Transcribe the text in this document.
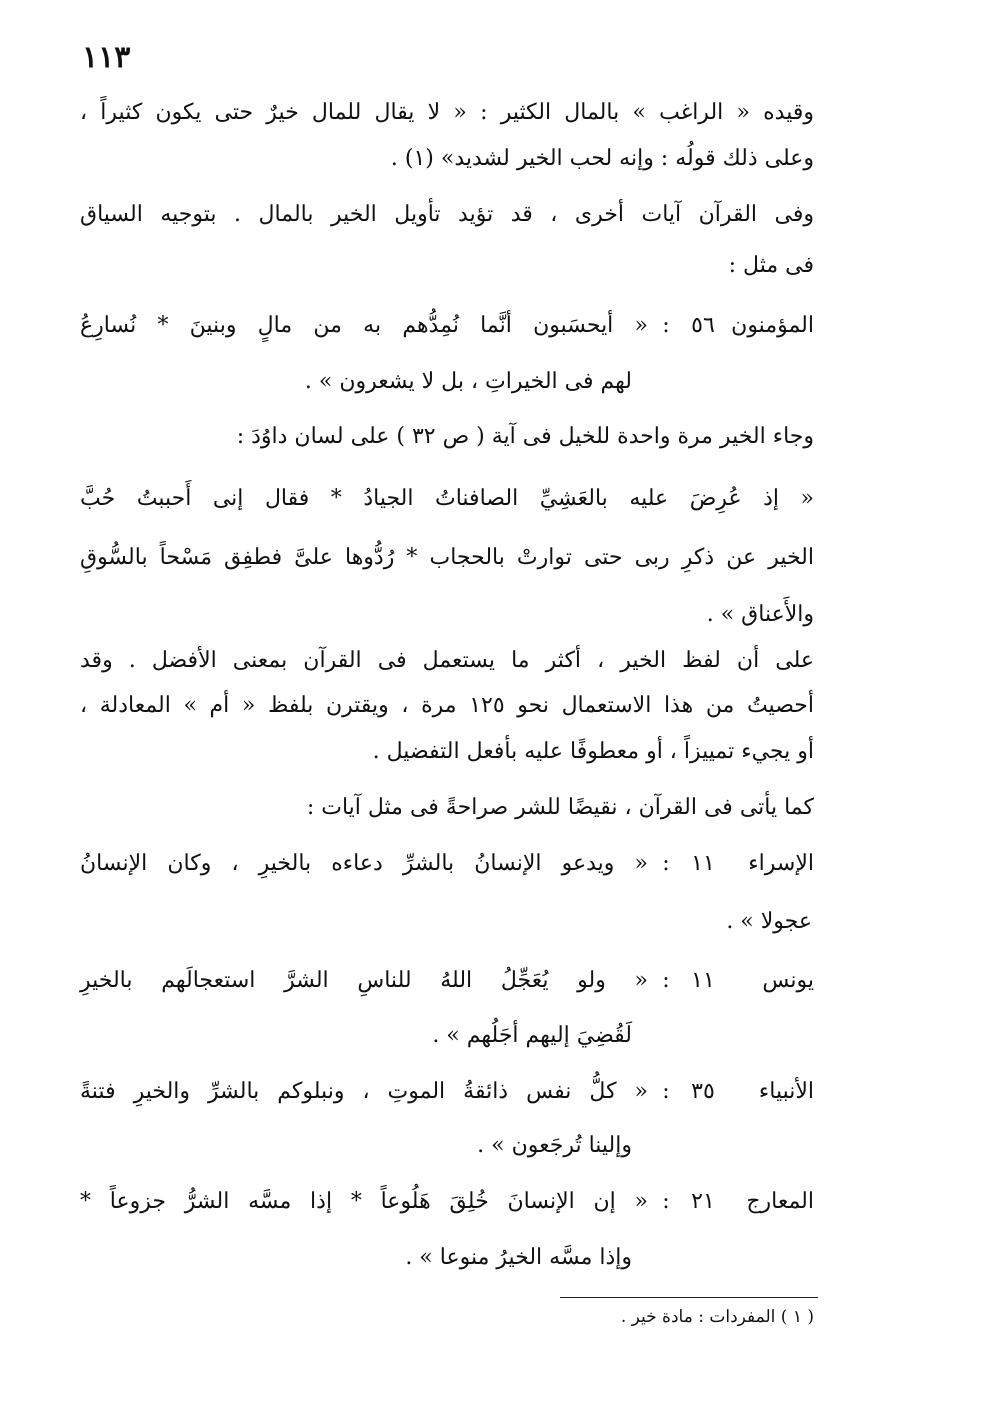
١١٣
وقيده « الراغب » بالمال الكثير : « لا يقال للمال خيرٌ حتى يكون كثيراً ،
وعلى ذلك قولُه : وإنه لحب الخير لشديد» (١) .
وفى القرآن آيات أخرى ، قد تؤيد تأويل الخير بالمال . بتوجيه السياق
فى مثل :
المؤمنون
٥٦
:
« أيحسَبون أنَّما نُمِدُّهم به من مالٍ وبنينَ * نُسارِعُ
لهم فى الخيراتِ ، بل لا يشعرون » .
وجاء الخير مرة واحدة للخيل فى آية ( ص ٣٢ ) على لسان داوُدَ :
« إذ عُرِضَ عليه بالعَشِيِّ الصافناتُ الجيادُ * فقال إنى أَحببتُ حُبَّ
الخير عن ذكرِ ربى حتى توارتْ بالحجاب * رُدُّوها علىَّ فطفِق مَسْحاً بالسُّوقِ
والأَعناق » .
على أن لفظ الخير ، أكثر ما يستعمل فى القرآن بمعنى الأفضل . وقد
أحصيتُ من هذا الاستعمال نحو ١٢٥ مرة ، ويقترن بلفظ « أم » المعادلة ،
أو يجيء تمييزاً ، أو معطوفًا عليه بأفعل التفضيل .
كما يأتى فى القرآن ، نقيضًا للشر صراحةً فى مثل آيات :
الإسراء
١١
:
« ويدعو الإنسانُ بالشرِّ دعاءه بالخيرِ ، وكان الإنسانُ
عجولا » .
يونس
١١
:
« ولو يُعَجِّلُ اللهُ للناسِ الشرَّ استعجالَهم بالخيرِ
لَقُضِيَ إليهم أجَلُهم » .
الأنبياء
٣٥
:
« كلُّ نفس ذائقةُ الموتِ ، ونبلوكم بالشرِّ والخيرِ فتنةً
وإلينا تُرجَعون » .
المعارج
٢١
:
« إن الإنسانَ خُلِقَ هَلُوعاً * إذا مسَّه الشرُّ جزوعاً *
وإذا مسَّه الخيرُ منوعا » .
( ١ ) المفردات : مادة خير .
